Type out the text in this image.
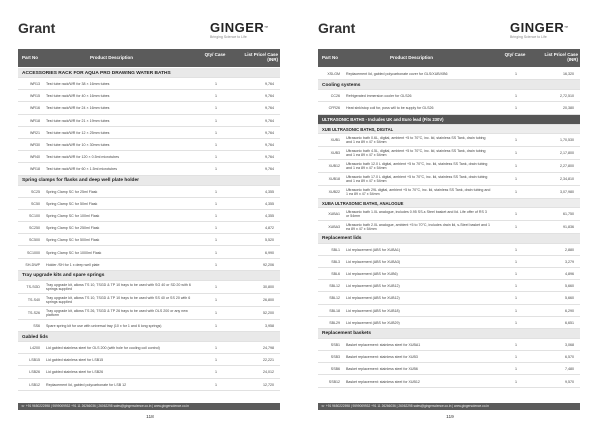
Grant	GINGER™
Bringing Science to Life
Part No	Product Description
Qty/ Case	List Price/ Case (INR)
ACCESSORIES RACK FOR AQUA PRO DRAWING WATER BATHS
WR13 Test tube rack/WR for 38 × 16mm tubes	1	9,764
WR15 Test tube rack/WR for 40 × 16mm tubes	1	9,764
WR16 Test tube rack/WR for 24 × 16mm tubes	1	9,764
WR18 Test tube rack/WR for 21 × 19mm tubes	1	9,764
WR21 Test tube rack/WR for 12 × 25mm tubes	1	9,764
WR30 Test tube rack/WR for 10 × 30mm tubes	1	9,764
WR40 Test tube rack/WR for 120 × 0.5ml microtubes	1	9,764
WR18 Test tube rack/WR for 60 × 1.5ml microtubes	1	9,764
Spring clamps for flasks and deep well plate holder
SC25 Spring Clamp SC for 25ml Flask	1	4,355
SC50 Spring Clamp SC for 50ml Flask	1	4,355
SC100 Spring Clamp SC for 100ml Flask	1	4,355
SC250 Spring Clamp SC for 250ml Flask	1	4,872
SC500 Spring Clamp SC for 500ml Flask	1	5,520
SC1000 Spring Clamp SC for 1000ml Flask	1	6,990
SH-DWP Holder /SH for 1 x deep well plate	1	92,206
Tray upgrade kits and spare springs
TS-SGD
Tray upgrade kit, allows TS 10, TSGD & TP 10 trays to be used with SG 40 or SD 20 with 6 springs supplied	1	30,800
TS-S40
Tray upgrade kit, allows TS 10, TSGD & TP 10 trays to be used with SS 40 or SS 20 with 6 springs supplied	1	26,800
TS-S26
Tray upgrade kit, allows TS 26, TSGD & TP 26 trays to be used with OLS 200 or any new platform	1	52,200
SS6 Spare spring kit for use with universal tray (10 x for 1 and 6 long springs)	1	3,958
Gabled lids
L4200 Lid gabled stainless steel for OLS 200 (with hole for cooling coil control)	1	24,798
LSB15 Lid gabled stainless steel for LSB15	1	22,221
LSB26 Lid gabled stainless steel for LSB26	1	24,012
LSB12 Replacement lid, gabled polycarbonate for LSB 12	1	12,720
☏ +91 9650222598 | 9599009932 +91 11 26266036 | 26062298 sales@gingerscience.co.in | www.gingerscience.co.in
118
Grant	GINGER™
Bringing Science to Life
Part No	Product Description
Qty/ Case	List Price/ Case (INR)
XSLGM Replacement lid, gabled polycarbonate cover for GLS/XUB/XB6	1	16,320
Cooling systems
CC26 Refrigerated immersion cooler for GLS26	1	2,72,510
CFR26 Heat sink/stop coil for, poss will to be supply for GLS26	1	20,380
ULTRASONIC BATHS - Includes UK and Euro lead (Fits 230V)
XUB ULTRASONIC BATHS, DIGITAL
XUB1
Ultrasonic bath 0.6L, digital, ambient +5 to 70°C, inc. lid, stainless SS Tank, drain tubing and 1 ea 89 x 47 x 54mm	1	1,70,530
XUB3
Ultrasonic bath 4.5L, digital, ambient +5 to 70°C, inc. lid, stainless SS Tank, drain tubing and 1 ea 89 x 47 x 54mm	1	2,17,800
XUB12
Ultrasonic bath 12.0 L digital, ambient +5 to 70°C, inc. lid, stainless SS Tank, drain tubing and 1 ea 89 x 47 x 54mm	1	2,27,800
XUB18
Ultrasonic bath 17.0 L digital, ambient +5 to 70°C, inc. lid, stainless SS Tank, drain tubing and 1 ea 89 x 47 x 54mm	1	2,34,810
XUB22
Ultrasonic bath 29L digital, ambient +5 to 70°C, inc. lid, stainless SS Tank, drain tubing and 1 ea 89 x 47 x 54mm	1	3,07,980
XUBA ULTRASONIC BATHS, ANALOGUE
XUBA1
Ultrasonic bath 1.0L analogue, includes 0.95 SS-s Steel basket and lid. Life offer of RS 3 or 54mm	1	61,750
XUBA3
Ultrasonic bath 2.0L analogue, ambient +5 to 70°C, includes drain lid, s-Steel basket and 1 ea 89 x 47 x 54mm	1	91,836
Replacement lids
SBL1 Lid replacement (ABS for XUBA1)	1	2,880
SBL3 Lid replacement (ABS for XUBA3)	1	3,279
SBL6 Lid replacement (ABS for XUB6)	1	4,896
SBL12 Lid replacement (ABS for XUB12)	1	5,660
SBL12 Lid replacement (ABS for XUB12)	1	5,660
SBL18 Lid replacement (ABS for XUB18)	1	6,290
SBL29 Lid replacement (ABS for XUB29)	1	6,651
Replacement baskets
SSB1 Basket replacement: stainless steel for XUBA1	1	3,068
SSB3 Basket replacement: stainless steel for XUB3	1	6,570
SSB6 Basket replacement: stainless steel for XUB6	1	7,480
SSB12 Basket replacement: stainless steel for XUB12	1	9,570
☏ +91 9650222598 | 9599009932 +91 11 26266036 | 26062298 sales@gingerscience.co.in | www.gingerscience.co.in
119
